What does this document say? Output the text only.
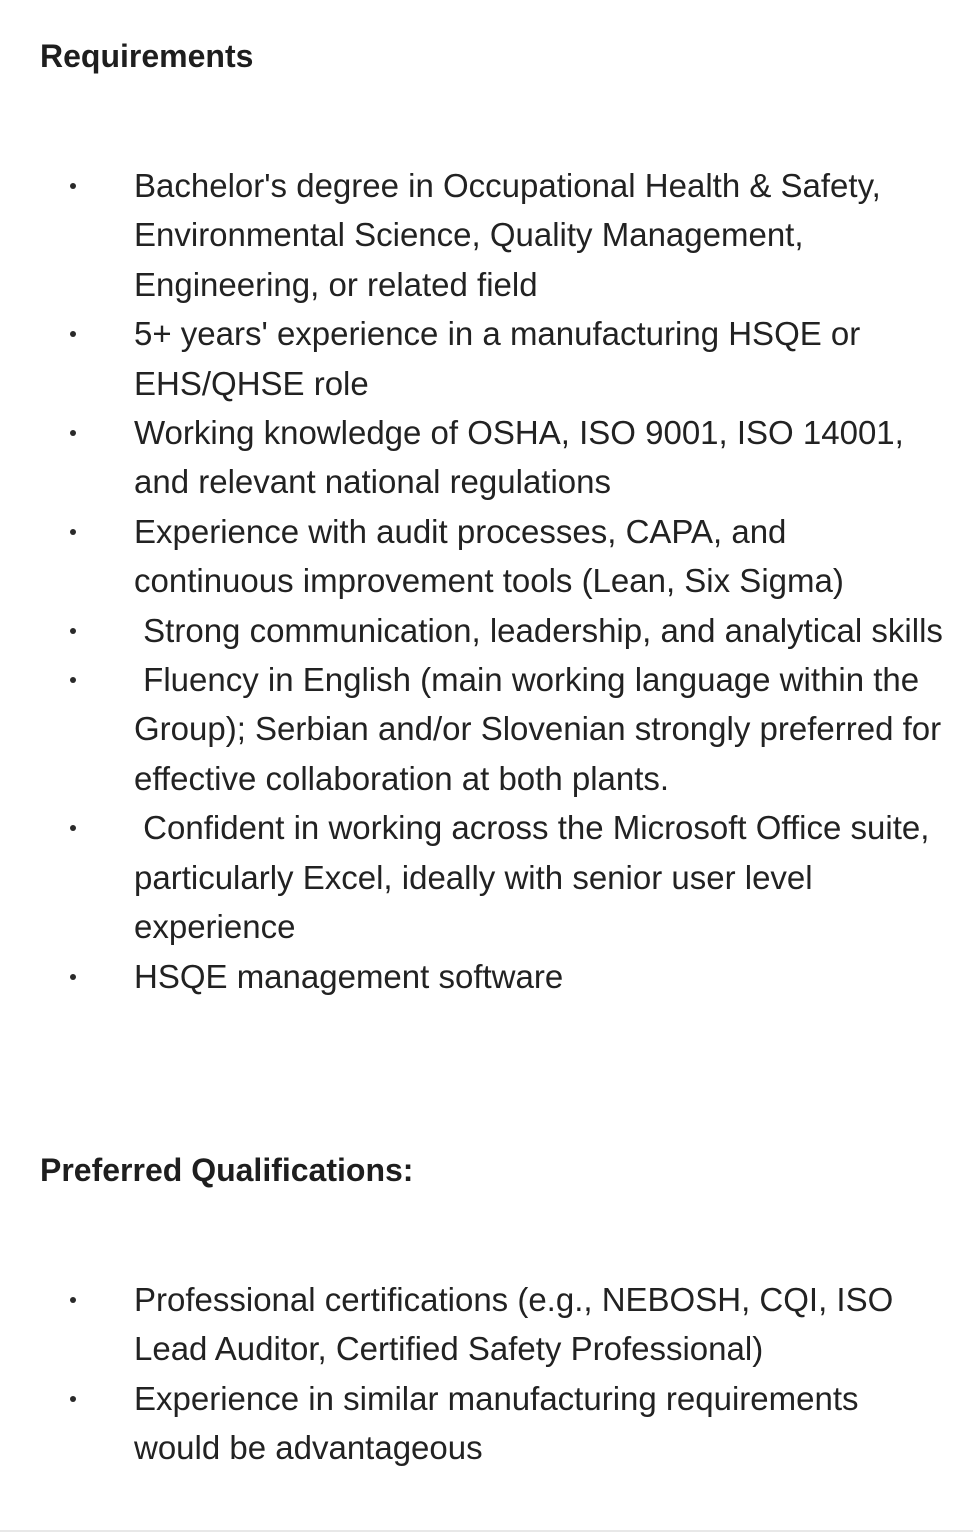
Requirements
Bachelor's degree in Occupational Health & Safety, Environmental Science, Quality Management, Engineering, or related field
5+ years' experience in a manufacturing HSQE or EHS/QHSE role
Working knowledge of OSHA, ISO 9001, ISO 14001, and relevant national regulations
Experience with audit processes, CAPA, and continuous improvement tools (Lean, Six Sigma)
Strong communication, leadership, and analytical skills
Fluency in English (main working language within the Group); Serbian and/or Slovenian strongly preferred for effective collaboration at both plants.
Confident in working across the Microsoft Office suite, particularly Excel, ideally with senior user level experience
HSQE management software
Preferred Qualifications:
Professional certifications (e.g., NEBOSH, CQI, ISO Lead Auditor, Certified Safety Professional)
Experience in similar manufacturing requirements would be advantageous
